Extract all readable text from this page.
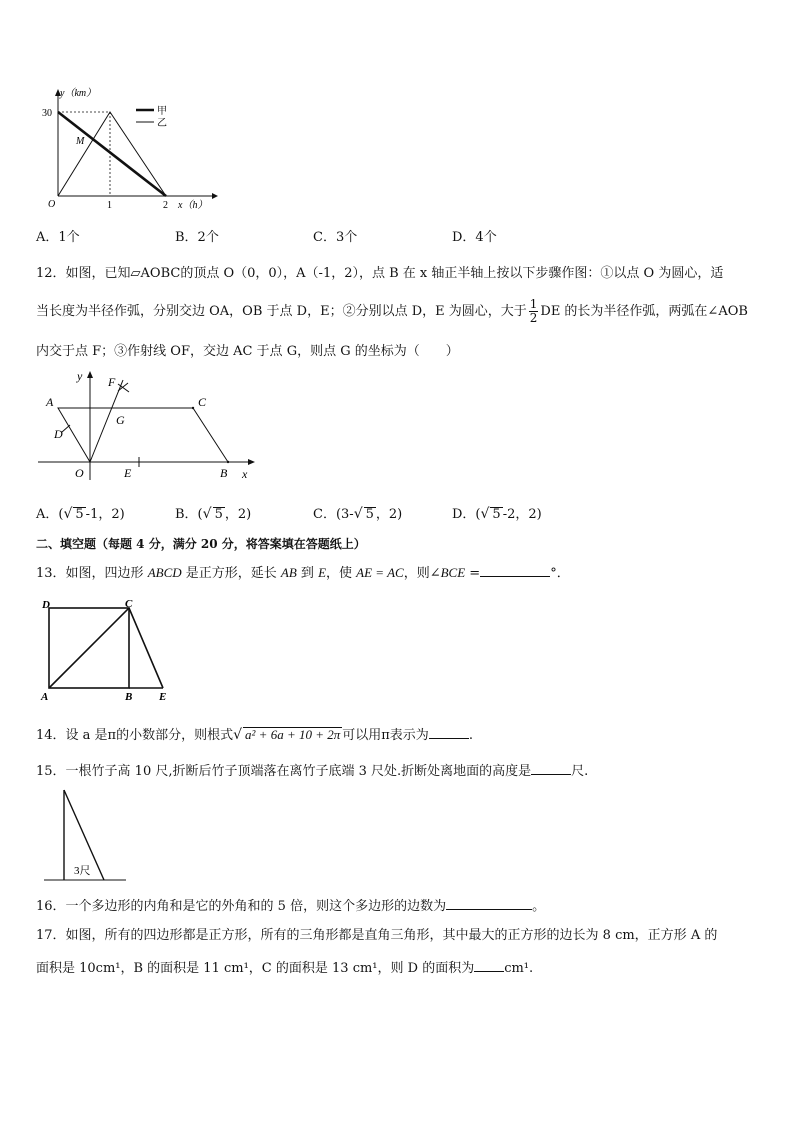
甲
乙
y（km）
x（h）
O
30
1	2
M
A．1个	B．2个	C．3个	D．4个
12．如图，已知▱AOBC的顶点 O（0，0），A（-1，2），点 B 在 x 轴正半轴上按以下步骤作图：①以点 O 为圆心，适
当长度为半径作弧，分别交边 OA，OB 于点 D，E；②分别以点 D，E 为圆心，大于 $\frac{1}{2}$ DE 的长为半径作弧，两弧在∠AOB
内交于点 F；③作射线 OF，交边 AC 于点 G，则点 G 的坐标为（　　）
y
x
A	C
D
F
G
O	E	B
A．(√ 5 -1，2)	B．(√ 5 ，2)	C．(3-√ 5 ，2)	D．(√ 5 -2，2)
二、填空题（每题 4 分，满分 20 分，将答案填在答题纸上）
13．如图，四边形 ABCD 是正方形，延长 AB 到 E，使 AE = AC，则∠BCE =	°．
D	C
A	B E
14．设 a 是π的小数部分，则根式√ a² + 6a + 10 + 2π 可以用π表示为	.
15．一根竹子高 10 尺,折断后竹子顶端落在离竹子底端 3 尺处.折断处离地面的高度是	尺.
3尺
16．一个多边形的内角和是它的外角和的 5 倍，则这个多边形的边数为	。
17．如图，所有的四边形都是正方形，所有的三角形都是直角三角形，其中最大的正方形的边长为 8 cm，正方形 A 的
面积是 10cm¹，B 的面积是 11 cm¹，C 的面积是 13 cm¹，则 D 的面积为 cm¹.
